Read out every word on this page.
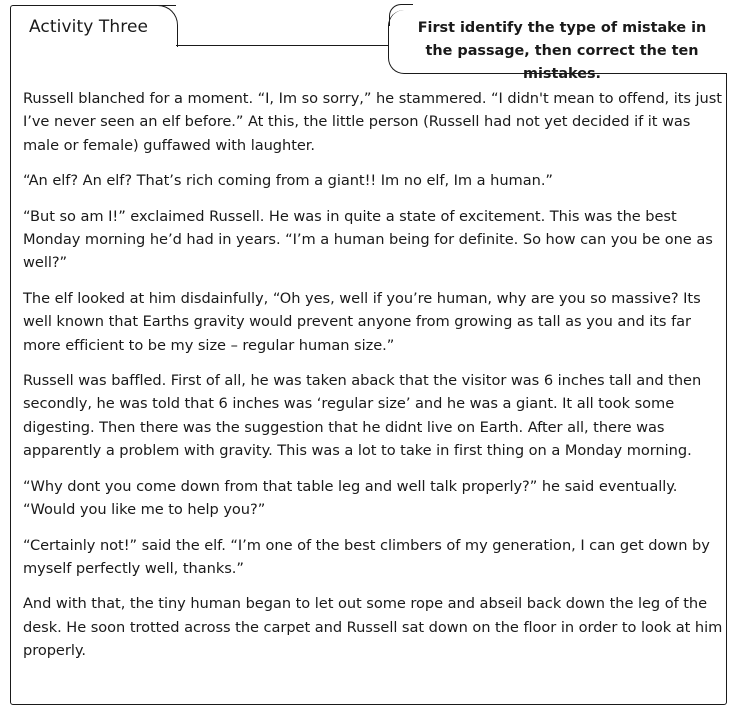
Activity Three	First identify the type of mistake in the passage, then correct the ten mistakes.

Russell blanched for a moment. “I, Im so sorry,” he stammered. “I didn't mean to offend, its just I’ve never seen an elf before.” At this, the little person (Russell had not yet decided if it was male or female) guffawed with laughter.

“An elf? An elf? That’s rich coming from a giant!! Im no elf, Im a human.”

“But so am I!” exclaimed Russell. He was in quite a state of excitement. This was the best Monday morning he’d had in years. “I’m a human being for definite. So how can you be one as well?”

The elf looked at him disdainfully, “Oh yes, well if you’re human, why are you so massive? Its well known that Earths gravity would prevent anyone from growing as tall as you and its far more efficient to be my size – regular human size.”

Russell was baffled. First of all, he was taken aback that the visitor was 6 inches tall and then secondly, he was told that 6 inches was ‘regular size’ and he was a giant. It all took some digesting. Then there was the suggestion that he didnt live on Earth. After all, there was apparently a problem with gravity. This was a lot to take in first thing on a Monday morning.

“Why dont you come down from that table leg and well talk properly?” he said eventually. “Would you like me to help you?”

“Certainly not!” said the elf. “I’m one of the best climbers of my generation, I can get down by myself perfectly well, thanks.”

And with that, the tiny human began to let out some rope and abseil back down the leg of the desk. He soon trotted across the carpet and Russell sat down on the floor in order to look at him properly.
